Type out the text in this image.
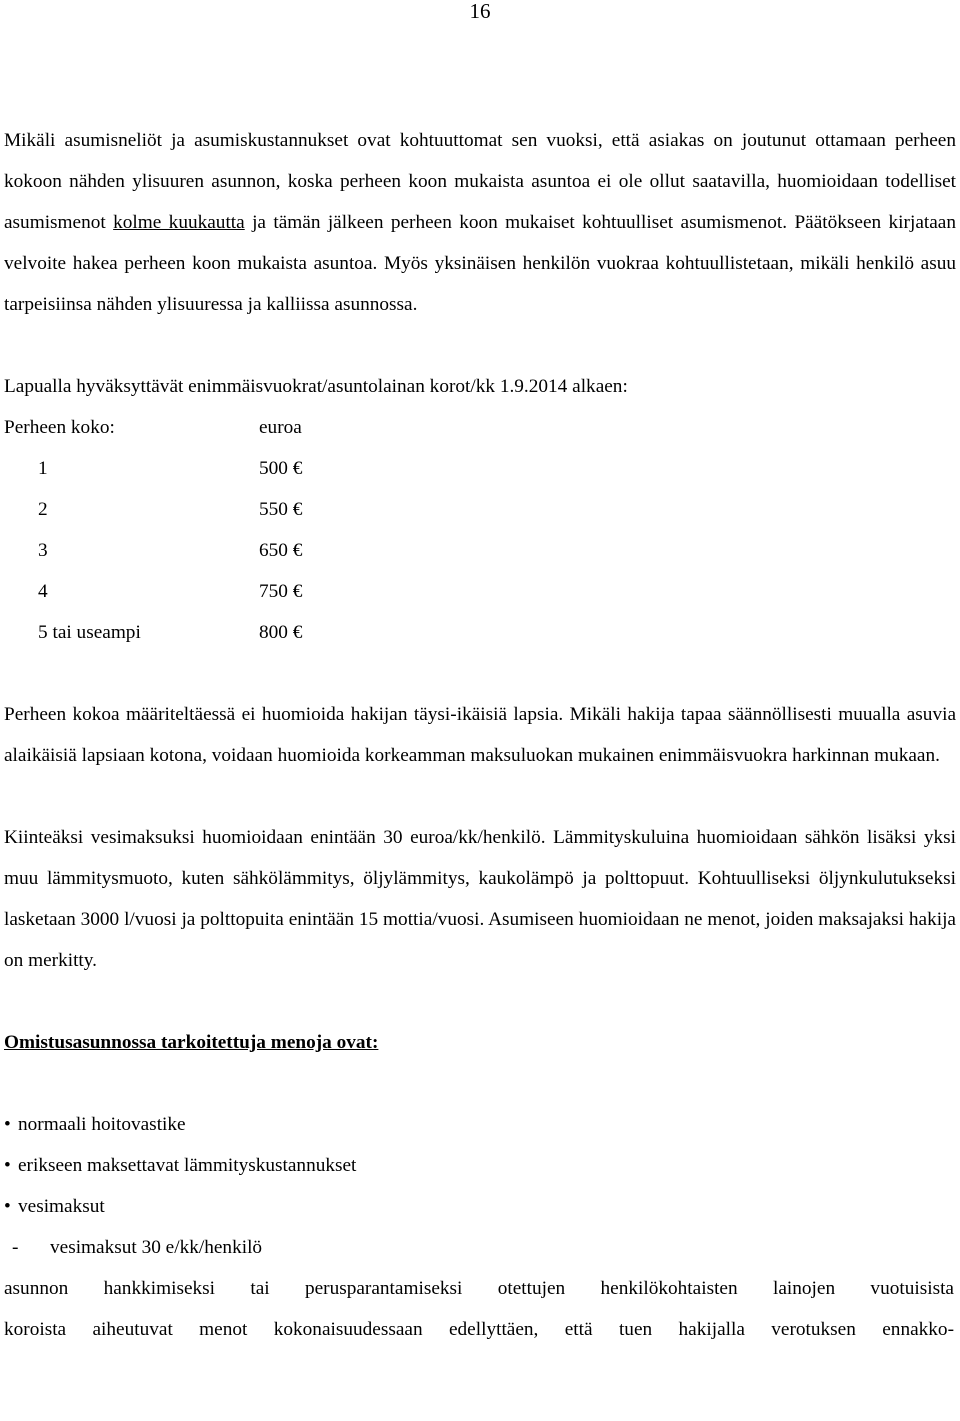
16

Mikäli asumisneliöt ja asumiskustannukset ovat kohtuuttomat sen vuoksi, että asiakas on joutunut ottamaan perheen kokoon nähden ylisuuren asunnon, koska perheen koon mukaista asuntoa ei ole ollut saatavilla, huomioidaan todelliset asumismenot kolme kuukautta ja tämän jälkeen perheen koon mukaiset kohtuulliset asumismenot. Päätökseen kirjataan velvoite hakea perheen koon mukaista asuntoa. Myös yksinäisen henkilön vuokraa kohtuullistetaan, mikäli henkilö asuu tarpeisiinsa nähden ylisuuressa ja kalliissa asunnossa.

Lapualla hyväksyttävät enimmäisvuokrat/asuntolainan korot/kk 1.9.2014 alkaen:

Perheen koko:	euroa
1	500 €
2	550 €
3	650 €
4	750 €
5 tai useampi	800 €

Perheen kokoa määriteltäessä ei huomioida hakijan täysi-ikäisiä lapsia. Mikäli hakija tapaa säännöllisesti muualla asuvia alaikäisiä lapsiaan kotona, voidaan huomioida korkeamman maksuluokan mukainen enimmäisvuokra harkinnan mukaan.

Kiinteäksi vesimaksuksi huomioidaan enintään 30 euroa/kk/henkilö. Lämmityskuluina huomioidaan sähkön lisäksi yksi muu lämmitysmuoto, kuten sähkölämmitys, öljylämmitys, kaukolämpö ja polttopuut. Kohtuulliseksi öljynkulutukseksi lasketaan 3000 l/vuosi ja polttopuita enintään 15 mottia/vuosi. Asumiseen huomioidaan ne menot, joiden maksajaksi hakija on merkitty.

Omistusasunnossa tarkoitettuja menoja ovat:

• normaali hoitovastike
• erikseen maksettavat lämmityskustannukset
• vesimaksut
- vesimaksut 30 e/kk/henkilö

asunnon hankkimiseksi tai perusparantamiseksi otettujen henkilökohtaisten lainojen vuotuisista

koroista aiheutuvat menot kokonaisuudessaan edellyttäen, että tuen hakijalla verotuksen ennakko-
